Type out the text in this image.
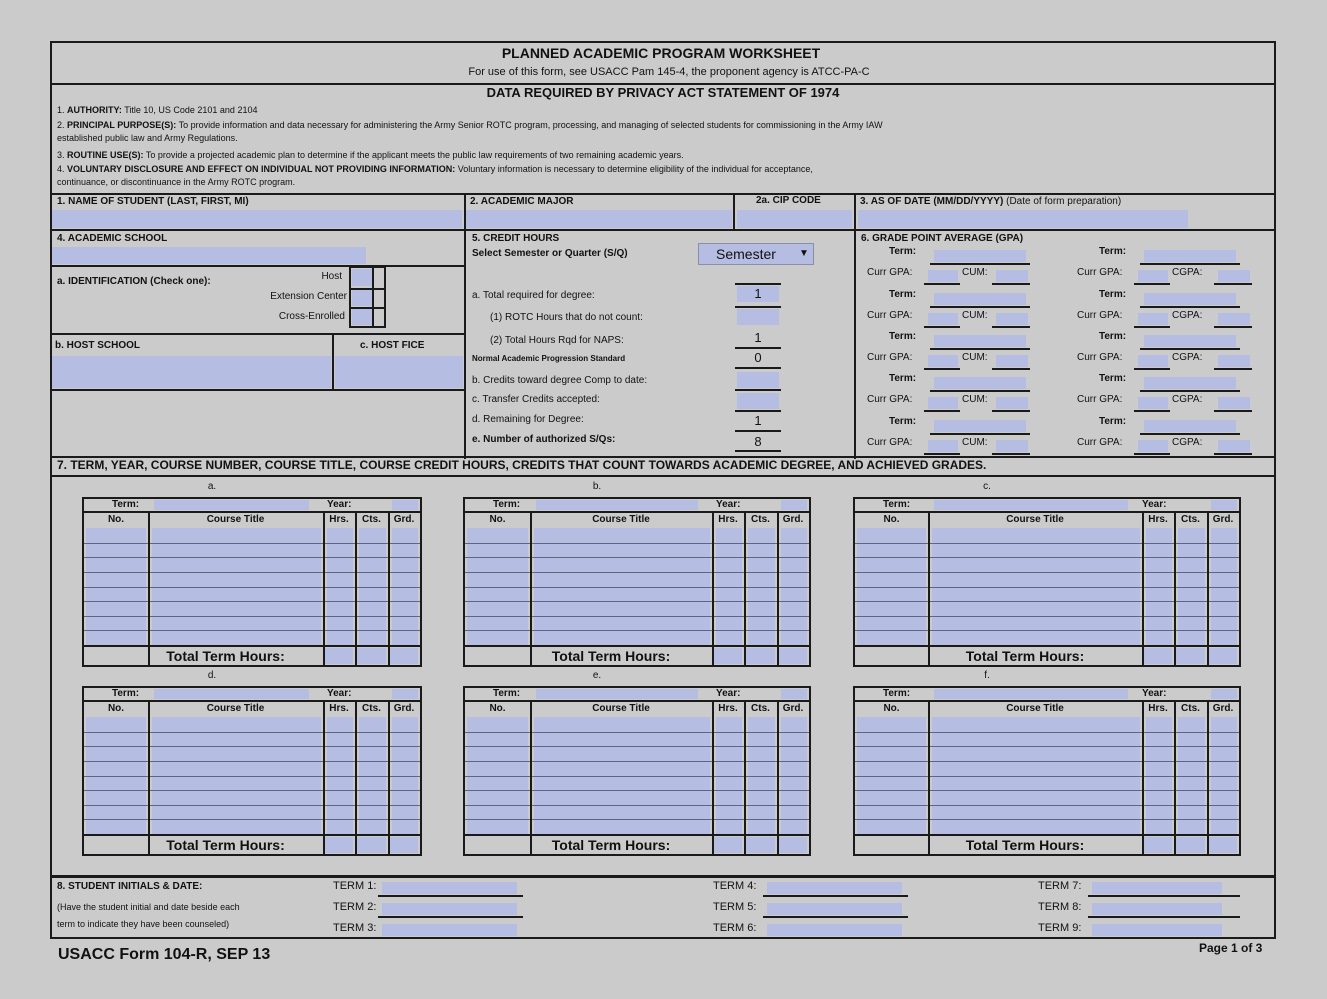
PLANNED ACADEMIC PROGRAM WORKSHEET
For use of this form, see USACC Pam 145-4, the proponent agency is ATCC-PA-C
DATA REQUIRED BY PRIVACY ACT STATEMENT OF 1974
1. AUTHORITY: Title 10, US Code 2101 and 2104
2. PRINCIPAL PURPOSE(S): To provide information and data necessary for administering the Army Senior ROTC program, processing, and managing of selected students for commissioning in the Army IAW
established public law and Army Regulations.
3. ROUTINE USE(S): To provide a projected academic plan to determine if the applicant meets the public law requirements of two remaining academic years.
4. VOLUNTARY DISCLOSURE AND EFFECT ON INDIVIDUAL NOT PROVIDING INFORMATION: Voluntary information is necessary to determine eligibility of the individual for acceptance,
continuance, or discontinuance in the Army ROTC program.
1. NAME OF STUDENT (LAST, FIRST, MI)	2. ACADEMIC MAJOR	2a. CIP CODE	3. AS OF DATE (MM/DD/YYYY) (Date of form preparation)
4. ACADEMIC SCHOOL
a. IDENTIFICATION (Check one):	Host
Extension Center
Cross-Enrolled
b. HOST SCHOOL	c. HOST FICE
5. CREDIT HOURS
Select Semester or Quarter (S/Q)	Semester ▼
a. Total required for degree:	1
(1) ROTC Hours that do not count:
(2) Total Hours Rqd for NAPS:	1
Normal Academic Progression Standard	0
b. Credits toward degree Comp to date:
c. Transfer Credits accepted:
d. Remaining for Degree:	1
e. Number of authorized S/Qs:	8
6. GRADE POINT AVERAGE (GPA)
Term:
Curr GPA:	CUM:
Term:
Curr GPA:	CGPA:
Term:
Curr GPA:	CUM:
Term:
Curr GPA:	CGPA:
Term:
Curr GPA:	CUM:
Term:
Curr GPA:	CGPA:
Term:
Curr GPA:	CUM:
Term:
Curr GPA:	CGPA:
Term:
Curr GPA:	CUM:
Term:
Curr GPA:	CGPA:
7. TERM, YEAR, COURSE NUMBER, COURSE TITLE, COURSE CREDIT HOURS, CREDITS THAT COUNT TOWARDS ACADEMIC DEGREE, AND ACHIEVED GRADES.
a.
Term:	Year:
No.	Course Title	Hrs. Cts. Grd.
Total Term Hours:
b.
Term:	Year:
No.	Course Title	Hrs. Cts. Grd.
Total Term Hours:
c.
Term:	Year:
No.	Course Title	Hrs. Cts. Grd.
Total Term Hours:
d.
Term:	Year:
No.	Course Title	Hrs. Cts. Grd.
Total Term Hours:
e.
Term:	Year:
No.	Course Title	Hrs. Cts. Grd.
Total Term Hours:
f.
Term:	Year:
No.	Course Title	Hrs. Cts. Grd.
Total Term Hours:
8. STUDENT INITIALS & DATE:
(Have the student initial and date beside each
term to indicate they have been counseled)
TERM 1:
TERM 2:
TERM 3:
TERM 4:
TERM 5:
TERM 6:
TERM 7:
TERM 8:
TERM 9:
USACC Form 104-R, SEP 13	Page 1 of 3
